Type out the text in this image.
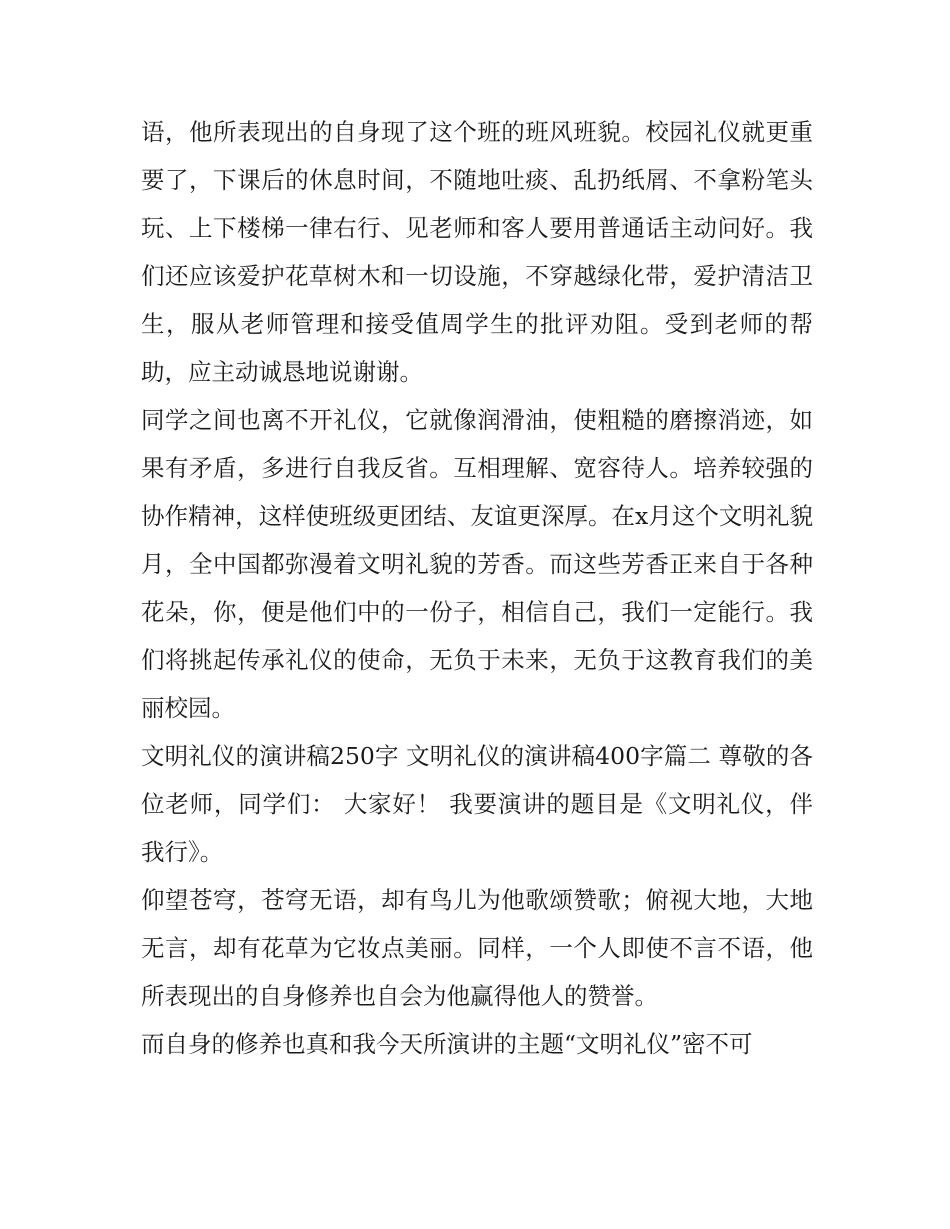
语，他所表现出的自身现了这个班的班风班貌。校园礼仪就更重要了，下课后的休息时间，不随地吐痰、乱扔纸屑、不拿粉笔头玩、上下楼梯一律右行、见老师和客人要用普通话主动问好。我们还应该爱护花草树木和一切设施，不穿越绿化带，爱护清洁卫生，服从老师管理和接受值周学生的批评劝阻。受到老师的帮助，应主动诚恳地说谢谢。

同学之间也离不开礼仪，它就像润滑油，使粗糙的磨擦消迹，如果有矛盾，多进行自我反省。互相理解、宽容待人。培养较强的协作精神，这样使班级更团结、友谊更深厚。在x月这个文明礼貌月，全中国都弥漫着文明礼貌的芳香。而这些芳香正来自于各种花朵，你，便是他们中的一份子，相信自己，我们一定能行。我们将挑起传承礼仪的使命，无负于未来，无负于这教育我们的美丽校园。

文明礼仪的演讲稿250字 文明礼仪的演讲稿400字篇二 尊敬的各位老师，同学们： 大家好！ 我要演讲的题目是《文明礼仪，伴我行》。

仰望苍穹，苍穹无语，却有鸟儿为他歌颂赞歌；俯视大地，大地无言，却有花草为它妆点美丽。同样，一个人即使不言不语，他所表现出的自身修养也自会为他赢得他人的赞誉。

而自身的修养也真和我今天所演讲的主题“文明礼仪”密不可
